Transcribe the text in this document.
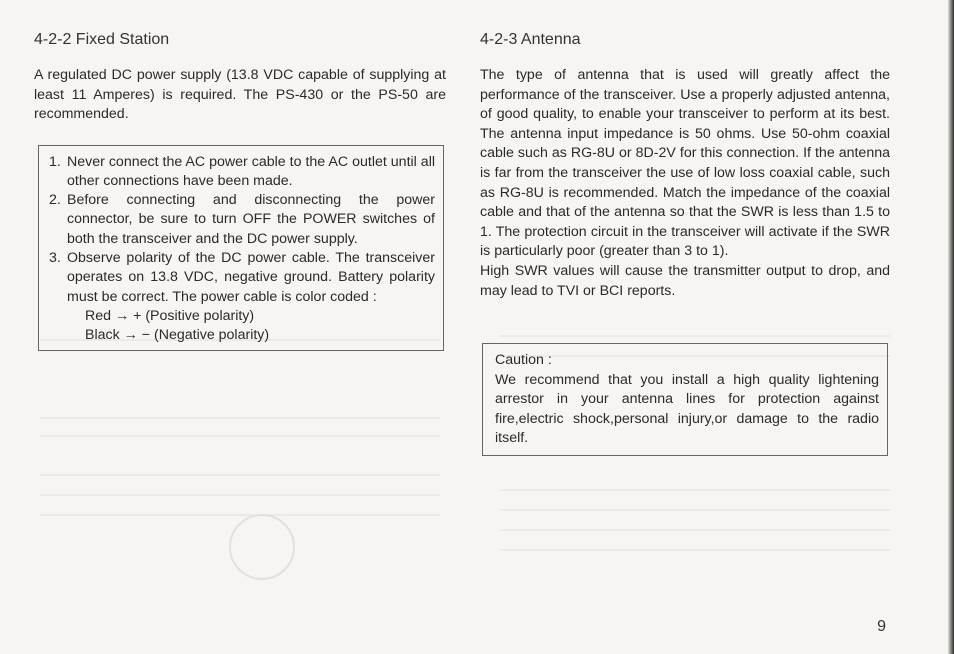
4-2-2 Fixed Station

A regulated DC power supply (13.8 VDC capable of supplying at least 11 Amperes) is required. The PS-430 or the PS-50 are recommended.

1. Never connect the AC power cable to the AC outlet until all other connections have been made.
2. Before connecting and disconnecting the power connector, be sure to turn OFF the POWER switches of both the transceiver and the DC power supply.
3. Observe polarity of the DC power cable. The transceiver operates on 13.8 VDC, negative ground. Battery polarity must be correct. The power cable is color coded :
Red → + (Positive polarity)
Black → − (Negative polarity)
4-2-3 Antenna

The type of antenna that is used will greatly affect the performance of the transceiver. Use a properly adjusted antenna, of good quality, to enable your transceiver to perform at its best. The antenna input impedance is 50 ohms. Use 50-ohm coaxial cable such as RG-8U or 8D-2V for this connection. If the antenna is far from the transceiver the use of low loss coaxial cable, such as RG-8U is recommended. Match the impedance of the coaxial cable and that of the antenna so that the SWR is less than 1.5 to 1. The protection circuit in the transceiver will activate if the SWR is particularly poor (greater than 3 to 1).

High SWR values will cause the transmitter output to drop, and may lead to TVI or BCI reports.

Caution :

We recommend that you install a high quality lightening arrestor in your antenna lines for protection against fire,electric shock,personal injury,or damage to the radio itself.

9
